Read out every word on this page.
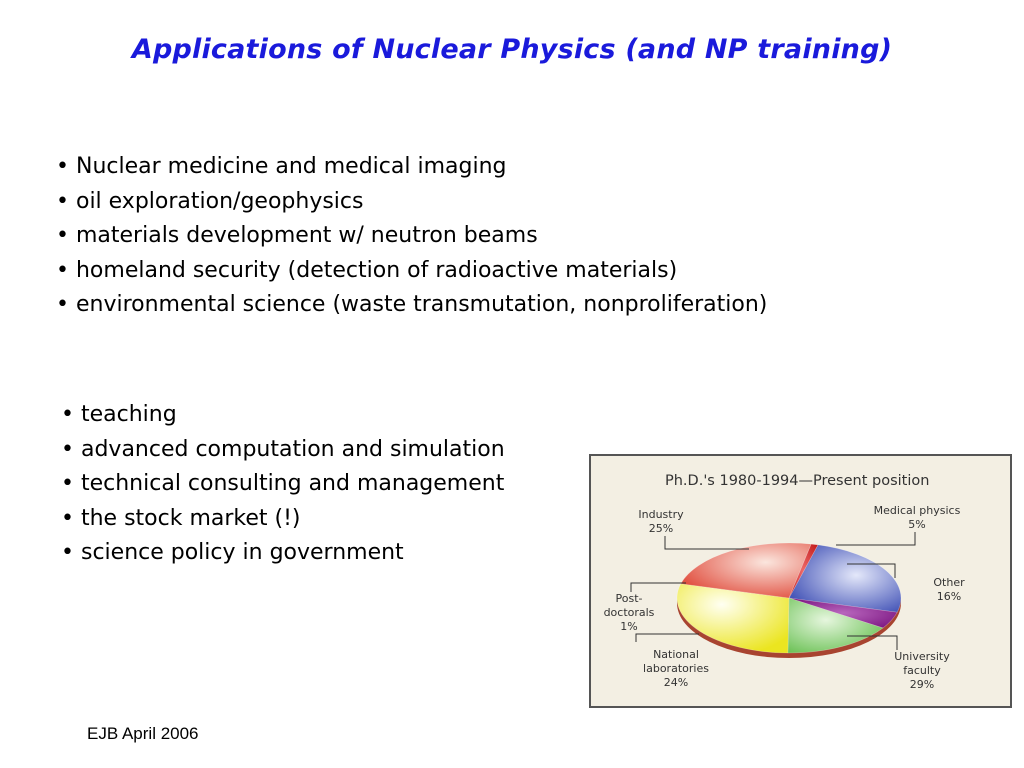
Applications of Nuclear Physics (and NP training)
• Nuclear medicine and medical imaging
• oil exploration/geophysics
• materials development w/ neutron beams
• homeland security (detection of radioactive materials)
• environmental science (waste transmutation, nonproliferation)
• teaching
• advanced computation and simulation
• technical consulting and management
• the stock market (!)
• science policy in government
Ph.D.'s 1980-1994—Present position
Industry 25%
Medical physics 5%
Other 16%
University faculty 29%
National laboratories 24%
Post-doctorals 1%
EJB April 2006
